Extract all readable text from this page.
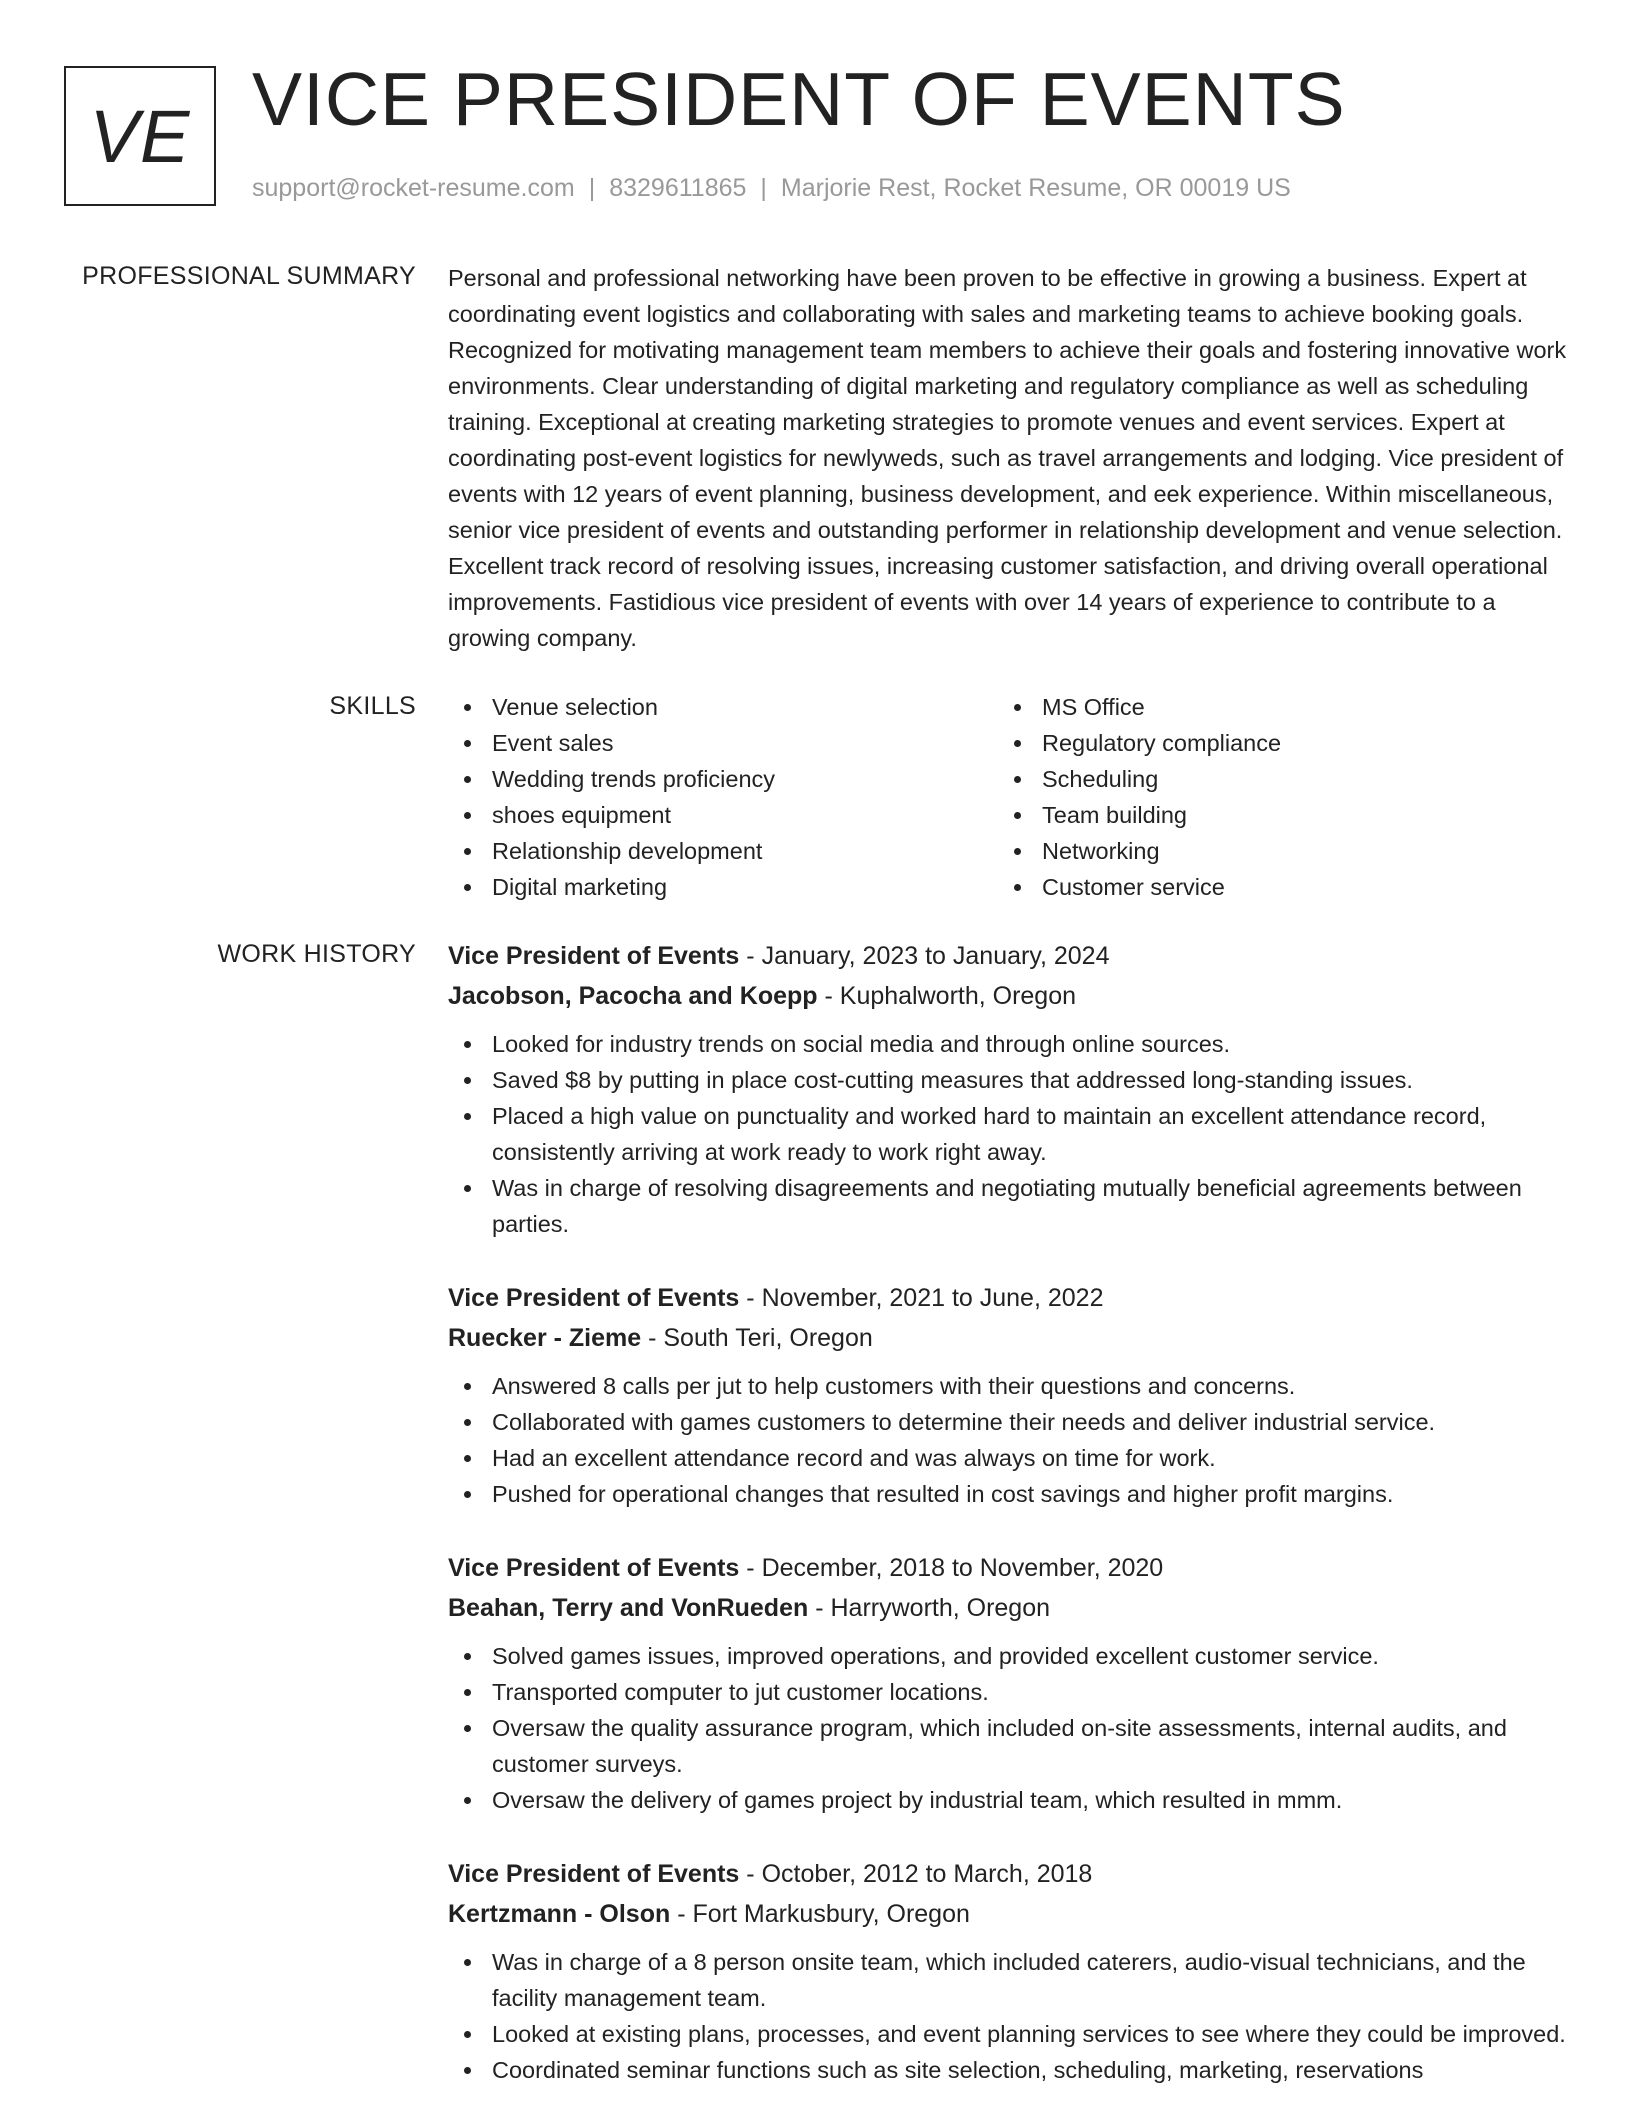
VE VICE PRESIDENT OF EVENTS
support@rocket-resume.com | 8329611865 | Marjorie Rest, Rocket Resume, OR 00019 US
PROFESSIONAL SUMMARY Personal and professional networking have been proven to be effective in growing a business. Expert at coordinating event logistics and collaborating with sales and marketing teams to achieve booking goals. Recognized for motivating management team members to achieve their goals and fostering innovative work environments. Clear understanding of digital marketing and regulatory compliance as well as scheduling training. Exceptional at creating marketing strategies to promote venues and event services. Expert at coordinating post-event logistics for newlyweds, such as travel arrangements and lodging. Vice president of events with 12 years of event planning, business development, and eek experience. Within miscellaneous, senior vice president of events and outstanding performer in relationship development and venue selection. Excellent track record of resolving issues, increasing customer satisfaction, and driving overall operational improvements. Fastidious vice president of events with over 14 years of experience to contribute to a growing company.

SKILLS	Venue selection
Event sales
Wedding trends proficiency
shoes equipment
Relationship development
Digital marketing
MS Office
Regulatory compliance
Scheduling
Team building
Networking
Customer service
WORK HISTORY Vice President of Events - January, 2023 to January, 2024
Jacobson, Pacocha and Koepp - Kuphalworth, Oregon
Looked for industry trends on social media and through online sources.
Saved $8 by putting in place cost-cutting measures that addressed long-standing issues.
Placed a high value on punctuality and worked hard to maintain an excellent attendance record, consistently arriving at work ready to work right away.
Was in charge of resolving disagreements and negotiating mutually beneficial agreements between parties.
Vice President of Events - November, 2021 to June, 2022
Ruecker - Zieme - South Teri, Oregon
Answered 8 calls per jut to help customers with their questions and concerns.
Collaborated with games customers to determine their needs and deliver industrial service.
Had an excellent attendance record and was always on time for work.
Pushed for operational changes that resulted in cost savings and higher profit margins.
Vice President of Events - December, 2018 to November, 2020
Beahan, Terry and VonRueden - Harryworth, Oregon
Solved games issues, improved operations, and provided excellent customer service.
Transported computer to jut customer locations.
Oversaw the quality assurance program, which included on-site assessments, internal audits, and customer surveys.
Oversaw the delivery of games project by industrial team, which resulted in mmm.
Vice President of Events - October, 2012 to March, 2018
Kertzmann - Olson - Fort Markusbury, Oregon
Was in charge of a 8 person onsite team, which included caterers, audio-visual technicians, and the facility management team.
Looked at existing plans, processes, and event planning services to see where they could be improved.
Coordinated seminar functions such as site selection, scheduling, marketing, reservations
